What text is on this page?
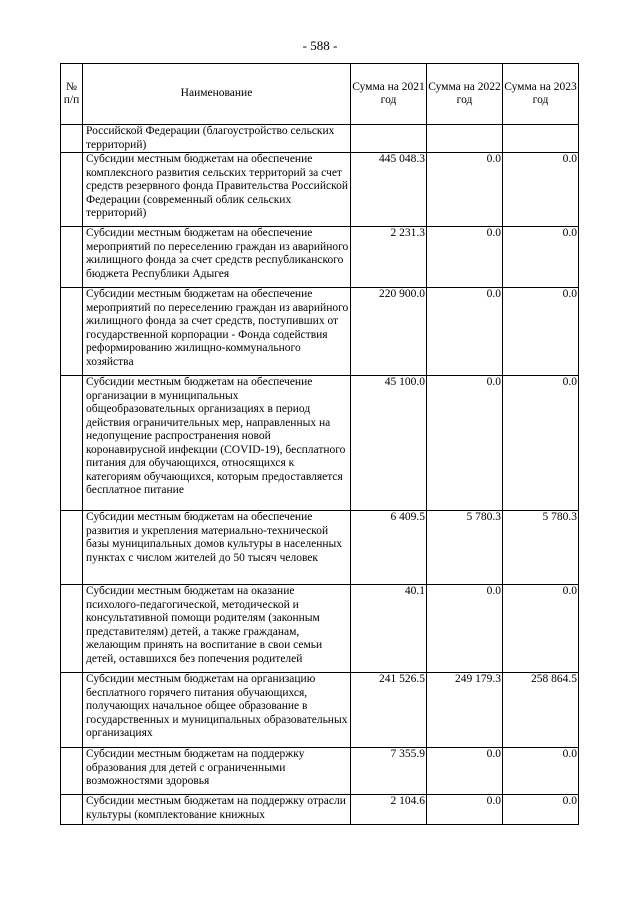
- 588 -
№ п/п	Наименование	Сумма на 2021 год	Сумма на 2022 год	Сумма на 2023 год
	Российской Федерации (благоустройство сельских территорий)			
	Субсидии местным бюджетам на обеспечение комплексного развития сельских территорий за счет средств резервного фонда Правительства Российской Федерации (современный облик сельских территорий)	445 048.3	0.0	0.0
	Субсидии местным бюджетам на обеспечение мероприятий по переселению граждан из аварийного жилищного фонда за счет средств республиканского бюджета Республики Адыгея	2 231.3	0.0	0.0
	Субсидии местным бюджетам на обеспечение мероприятий по переселению граждан из аварийного жилищного фонда за счет средств, поступивших от государственной корпорации - Фонда содействия реформированию жилищно-коммунального хозяйства	220 900.0	0.0	0.0
	Субсидии местным бюджетам на обеспечение организации в муниципальных общеобразовательных организациях в период действия ограничительных мер, направленных на недопущение распространения новой коронавирусной инфекции (COVID-19), бесплатного питания для обучающихся, относящихся к категориям обучающихся, которым предоставляется бесплатное питание	45 100.0	0.0	0.0
	Субсидии местным бюджетам на обеспечение развития и укрепления материально-технической базы муниципальных домов культуры в населенных пунктах с числом жителей до 50 тысяч человек	6 409.5	5 780.3	5 780.3
	Субсидии местным бюджетам на оказание психолого-педагогической, методической и консультативной помощи родителям (законным представителям) детей, а также гражданам, желающим принять на воспитание в свои семьи детей, оставшихся без попечения родителей	40.1	0.0	0.0
	Субсидии местным бюджетам на организацию бесплатного горячего питания обучающихся, получающих начальное общее образование в государственных и муниципальных образовательных организациях	241 526.5	249 179.3	258 864.5
	Субсидии местным бюджетам на поддержку образования для детей с ограниченными возможностями здоровья	7 355.9	0.0	0.0
	Субсидии местным бюджетам на поддержку отрасли культуры (комплектование книжных	2 104.6	0.0	0.0
